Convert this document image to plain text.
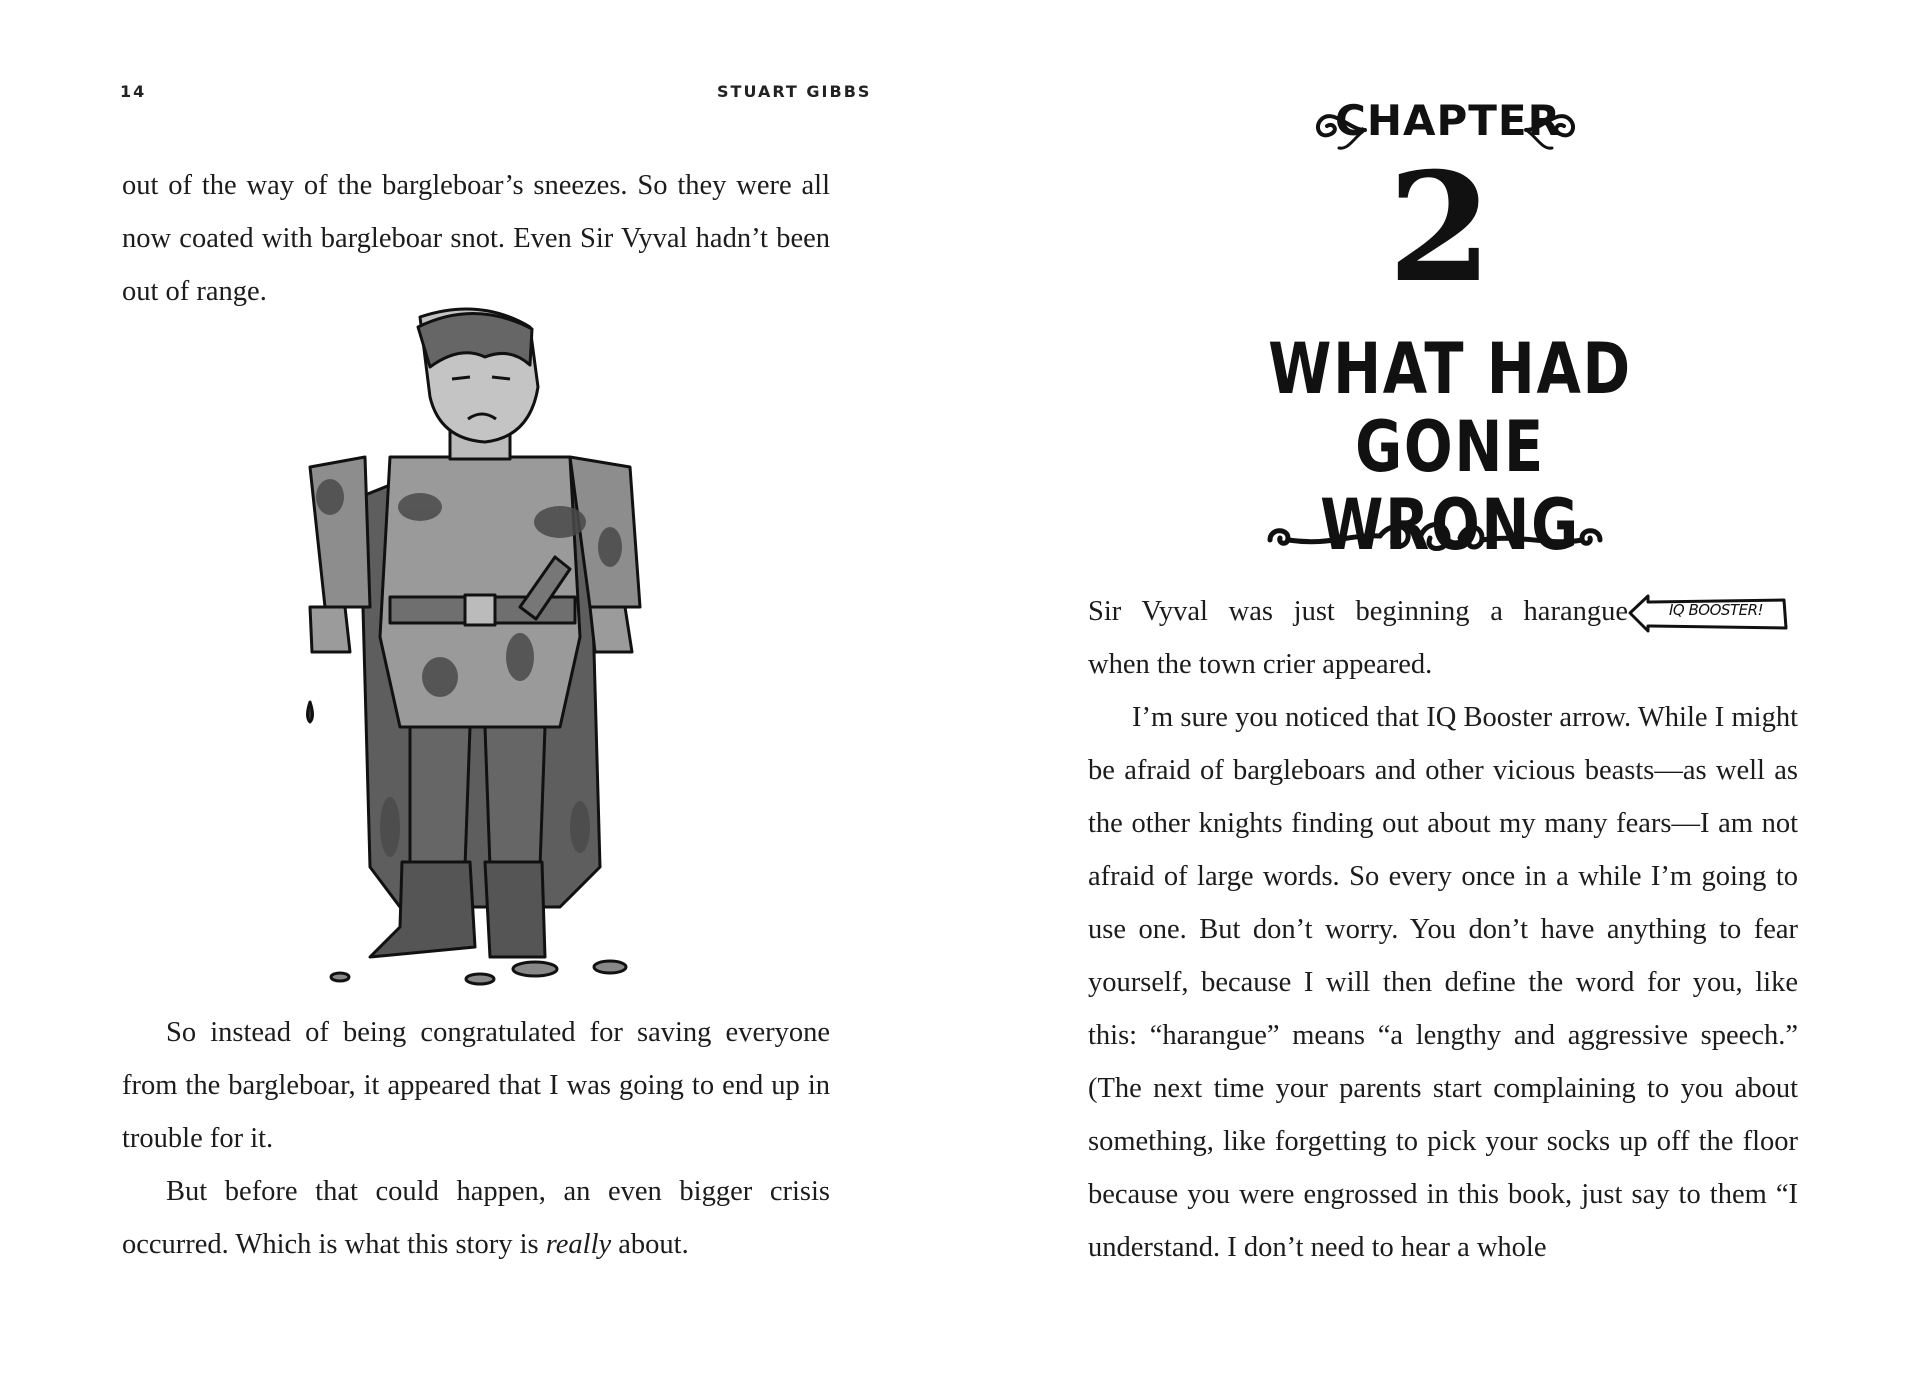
14	STUART GIBBS

out of the way of the bargleboar’s sneezes. So they were all now coated with bargleboar snot. Even Sir Vyval hadn’t been out of range.

So instead of being congratulated for saving everyone from the bargleboar, it appeared that I was going to end up in trouble for it.

But before that could happen, an even bigger crisis occurred. Which is what this story is really about.

CHAPTER
2
WHAT HAD GONE
WRONG
IQ BOOSTER!

Sir Vyval was just beginning a harangue
when the town crier appeared.

I’m sure you noticed that IQ Booster arrow. While I might be afraid of bargleboars and other vicious beasts—as well as the other knights finding out about my many fears—I am not afraid of large words. So every once in a while I’m going to use one. But don’t worry. You don’t have anything to fear yourself, because I will then define the word for you, like this: “harangue” means “a lengthy and aggressive speech.” (The next time your parents start complaining to you about something, like forgetting to pick your socks up off the floor because you were engrossed in this book, just say to them “I understand. I don’t need to hear a whole
